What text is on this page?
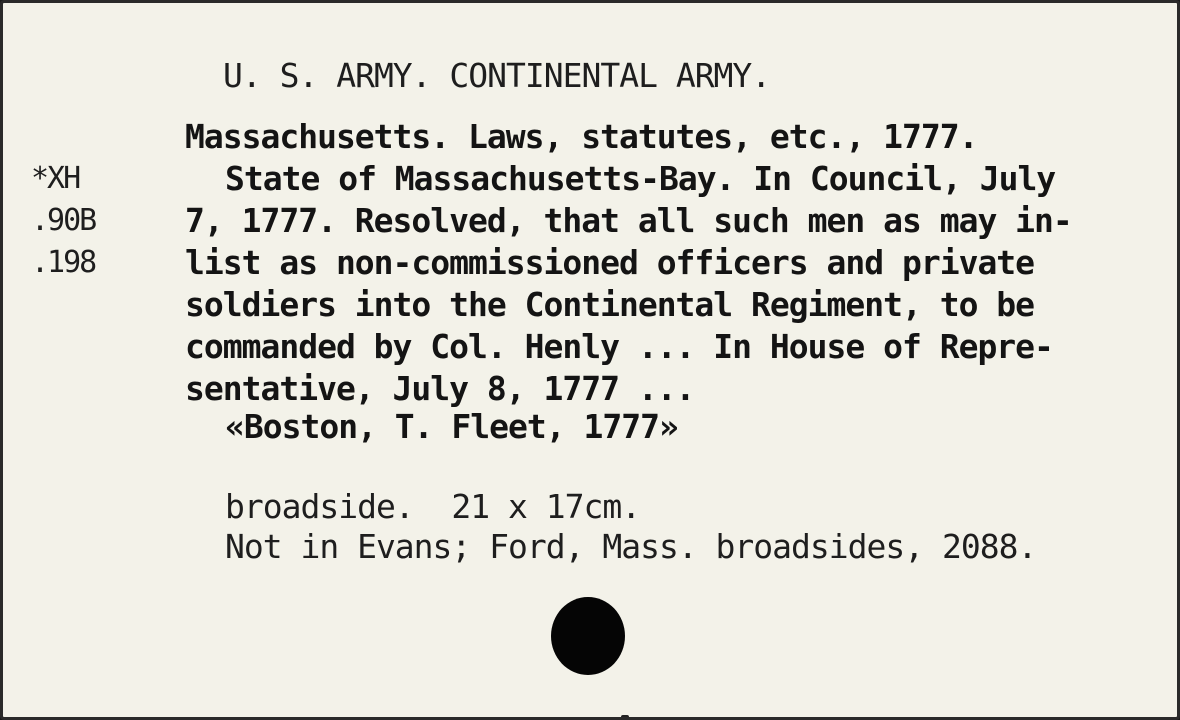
U. S. ARMY. CONTINENTAL ARMY.
*XH
.90B
.198
Massachusetts. Laws, statutes, etc., 1777.
State of Massachusetts-Bay. In Council, July
7, 1777. Resolved, that all such men as may in-
list as non-commissioned officers and private
soldiers into the Continental Regiment, to be
commanded by Col. Henly ... In House of Repre-
sentative, July 8, 1777 ...
«Boston, T. Fleet, 1777»
broadside.  21 x 17cm.
Not in Evans; Ford, Mass. broadsides, 2088.
